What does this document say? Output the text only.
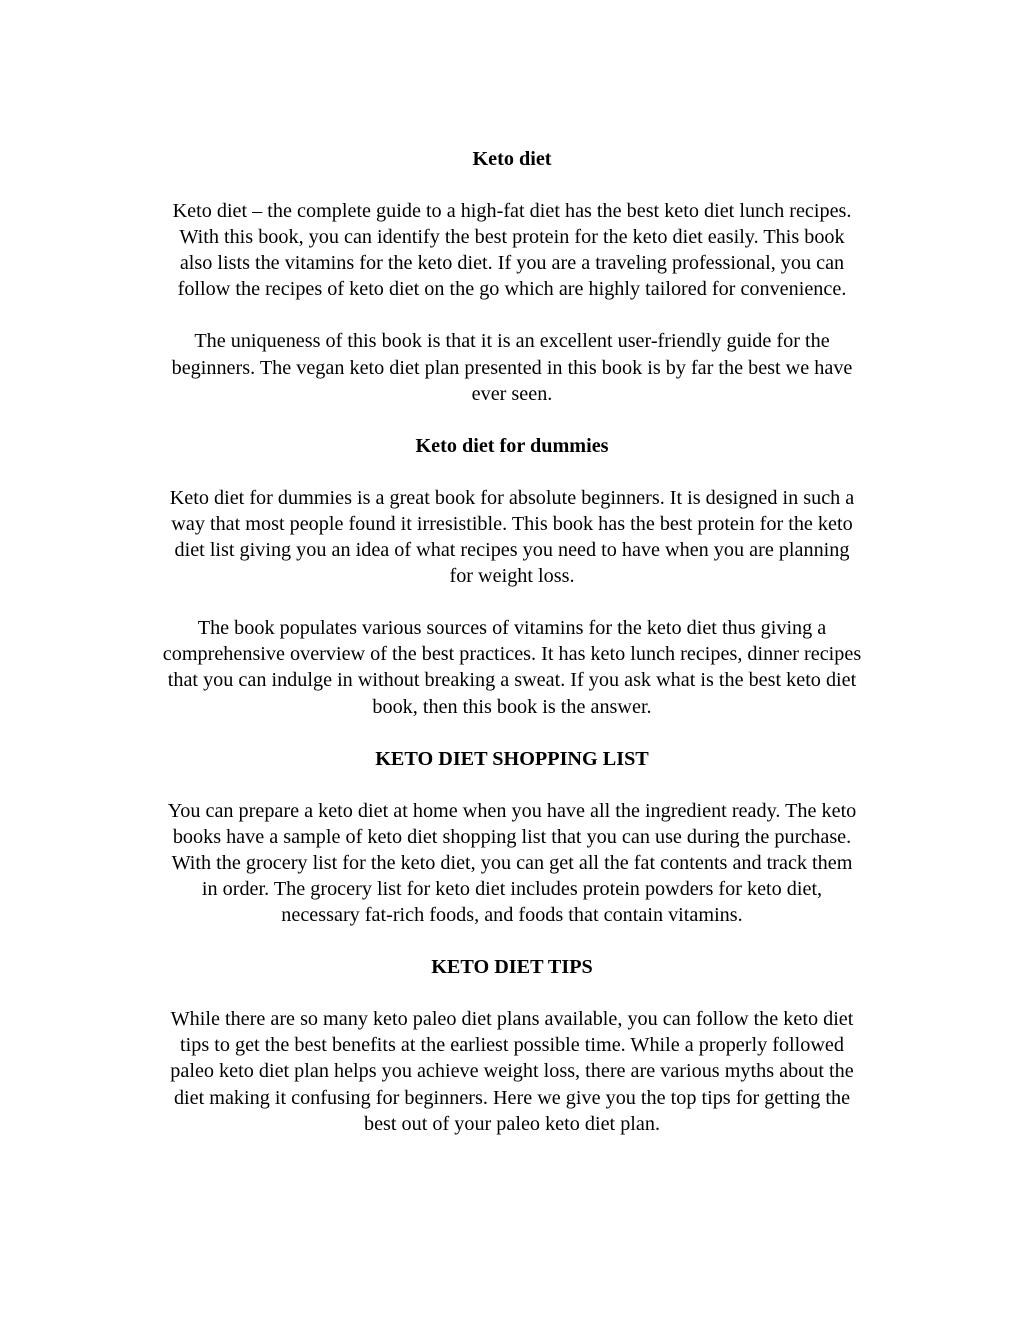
Keto diet

Keto diet – the complete guide to a high-fat diet has the best keto diet lunch recipes.
With this book, you can identify the best protein for the keto diet easily. This book
also lists the vitamins for the keto diet. If you are a traveling professional, you can
follow the recipes of keto diet on the go which are highly tailored for convenience.

The uniqueness of this book is that it is an excellent user-friendly guide for the
beginners. The vegan keto diet plan presented in this book is by far the best we have
ever seen.

Keto diet for dummies

Keto diet for dummies is a great book for absolute beginners. It is designed in such a
way that most people found it irresistible. This book has the best protein for the keto
diet list giving you an idea of what recipes you need to have when you are planning
for weight loss.

The book populates various sources of vitamins for the keto diet thus giving a
comprehensive overview of the best practices. It has keto lunch recipes, dinner recipes
that you can indulge in without breaking a sweat. If you ask what is the best keto diet
book, then this book is the answer.

KETO DIET SHOPPING LIST

You can prepare a keto diet at home when you have all the ingredient ready. The keto
books have a sample of keto diet shopping list that you can use during the purchase.
With the grocery list for the keto diet, you can get all the fat contents and track them
in order. The grocery list for keto diet includes protein powders for keto diet,
necessary fat-rich foods, and foods that contain vitamins.

KETO DIET TIPS

While there are so many keto paleo diet plans available, you can follow the keto diet
tips to get the best benefits at the earliest possible time. While a properly followed
paleo keto diet plan helps you achieve weight loss, there are various myths about the
diet making it confusing for beginners. Here we give you the top tips for getting the
best out of your paleo keto diet plan.
